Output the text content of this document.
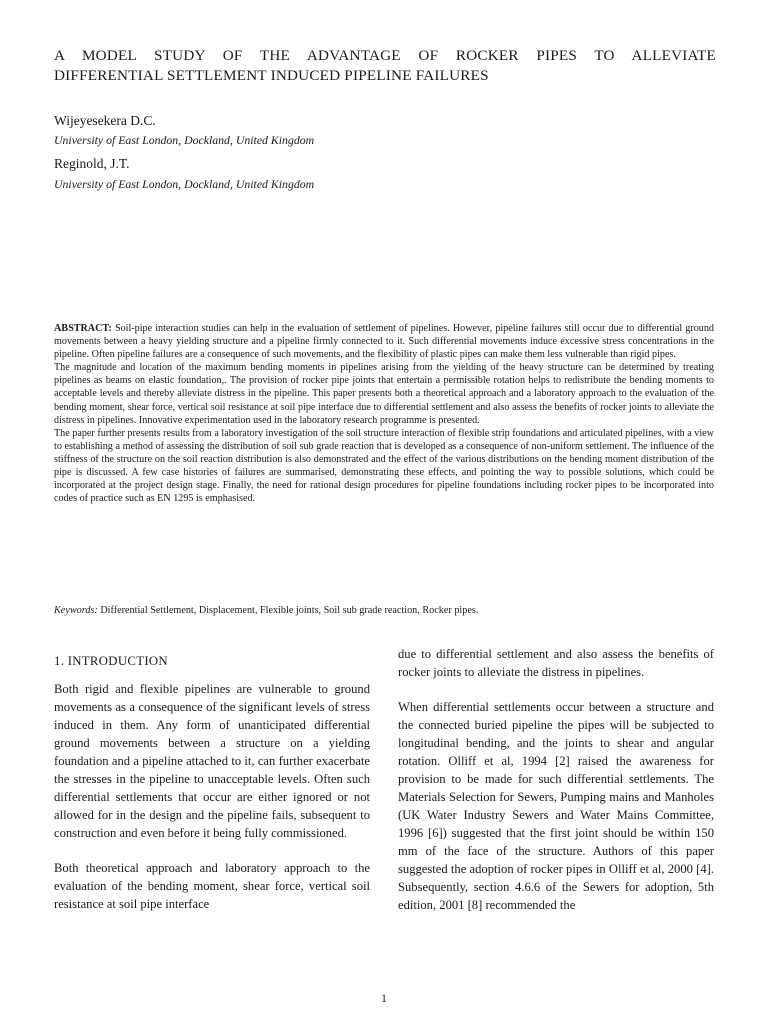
A MODEL STUDY OF THE ADVANTAGE OF ROCKER PIPES TO ALLEVIATE

DIFFERENTIAL SETTLEMENT INDUCED PIPELINE FAILURES
Wijeyesekera D.C.
University of East London, Dockland, United Kingdom
Reginold, J.T.
University of East London, Dockland, United Kingdom

ABSTRACT: Soil-pipe interaction studies can help in the evaluation of settlement of pipelines. However, pipeline failures still occur due to differential ground movements between a heavy yielding structure and a pipeline firmly connected to it. Such differential movements induce excessive stress concentrations in the pipeline. Often pipeline failures are a consequence of such movements, and the flexibility of plastic pipes can make them less vulnerable than rigid pipes.

The magnitude and location of the maximum bending moments in pipelines arising from the yielding of the heavy structure can be determined by treating pipelines as beams on elastic foundation,. The provision of rocker pipe joints that entertain a permissible rotation helps to redistribute the bending moments to acceptable levels and thereby alleviate distress in the pipeline. This paper presents both a theoretical approach and a laboratory approach to the evaluation of the bending moment, shear force, vertical soil resistance at soil pipe interface due to differential settlement and also assess the benefits of rocker joints to alleviate the distress in pipelines. Innovative experimentation used in the laboratory research programme is presented.

The paper further presents results from a laboratory investigation of the soil structure interaction of flexible strip foundations and articulated pipelines, with a view to establishing a method of assessing the distribution of soil sub grade reaction that is developed as a consequence of non-uniform settlement. The influence of the stiffness of the structure on the soil reaction distribution is also demonstrated and the effect of the various distributions on the bending moment distribution of the pipe is discussed. A few case histories of failures are summarised, demonstrating these effects, and pointing the way to possible solutions, which could be incorporated at the project design stage. Finally, the need for rational design procedures for pipeline foundations including rocker pipes to be incorporated into codes of practice such as EN 1295 is emphasised.

Keywords: Differential Settlement, Displacement, Flexible joints, Soil sub grade reaction, Rocker pipes.

1. INTRODUCTION

Both rigid and flexible pipelines are vulnerable to ground movements as a consequence of the significant levels of stress induced in them. Any form of unanticipated differential ground movements between a structure on a yielding foundation and a pipeline attached to it, can further exacerbate the stresses in the pipeline to unacceptable levels. Often such differential settlements that occur are either ignored or not allowed for in the design and the pipeline fails, subsequent to construction and even before it being fully commissioned.

Both theoretical approach and laboratory approach to the evaluation of the bending moment, shear force, vertical soil resistance at soil pipe interface

due to differential settlement and also assess the benefits of rocker joints to alleviate the distress in pipelines.

When differential settlements occur between a structure and the connected buried pipeline the pipes will be subjected to longitudinal bending, and the joints to shear and angular rotation. Olliff et al, 1994 [2] raised the awareness for provision to be made for such differential settlements. The Materials Selection for Sewers, Pumping mains and Manholes (UK Water Industry Sewers and Water Mains Committee, 1996 [6]) suggested that the first joint should be within 150 mm of the face of the structure. Authors of this paper suggested the adoption of rocker pipes in Olliff et al, 2000 [4]. Subsequently, section 4.6.6 of the Sewers for adoption, 5th edition, 2001 [8] recommended the

1
